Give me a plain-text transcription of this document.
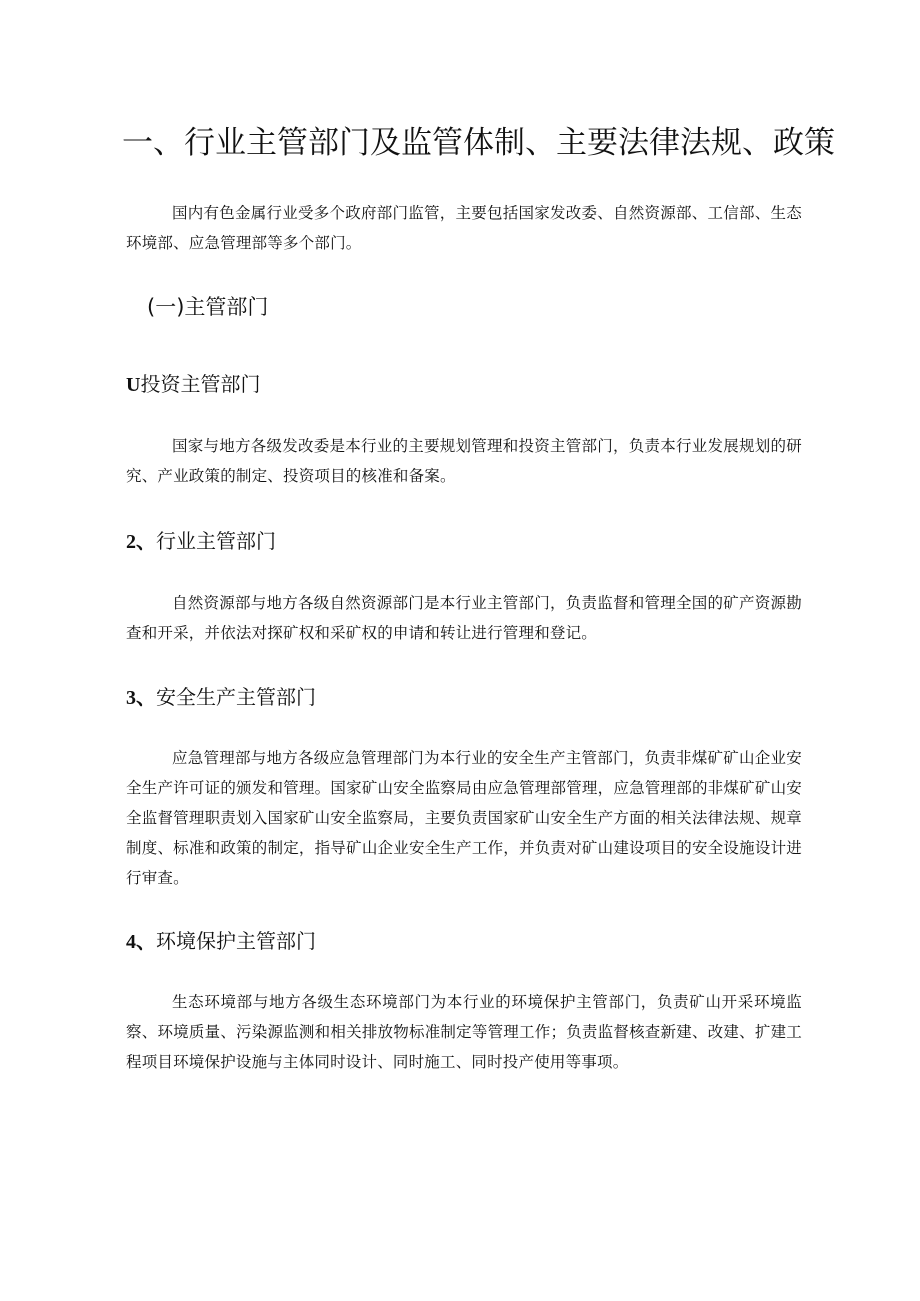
一、行业主管部门及监管体制、主要法律法规、政策

国内有色金属行业受多个政府部门监管，主要包括国家发改委、自然资源部、工信部、生态环境部、应急管理部等多个部门。

(一)主管部门
U投资主管部门

国家与地方各级发改委是本行业的主要规划管理和投资主管部门，负责本行业发展规划的研究、产业政策的制定、投资项目的核准和备案。

2、行业主管部门

自然资源部与地方各级自然资源部门是本行业主管部门，负责监督和管理全国的矿产资源勘查和开采，并依法对探矿权和采矿权的申请和转让进行管理和登记。

3、安全生产主管部门

应急管理部与地方各级应急管理部门为本行业的安全生产主管部门，负责非煤矿矿山企业安全生产许可证的颁发和管理。国家矿山安全监察局由应急管理部管理，应急管理部的非煤矿矿山安全监督管理职责划入国家矿山安全监察局，主要负责国家矿山安全生产方面的相关法律法规、规章制度、标准和政策的制定，指导矿山企业安全生产工作，并负责对矿山建设项目的安全设施设计进行审查。

4、环境保护主管部门

生态环境部与地方各级生态环境部门为本行业的环境保护主管部门，负责矿山开采环境监察、环境质量、污染源监测和相关排放物标准制定等管理工作；负责监督核查新建、改建、扩建工程项目环境保护设施与主体同时设计、同时施工、同时投产使用等事项。
